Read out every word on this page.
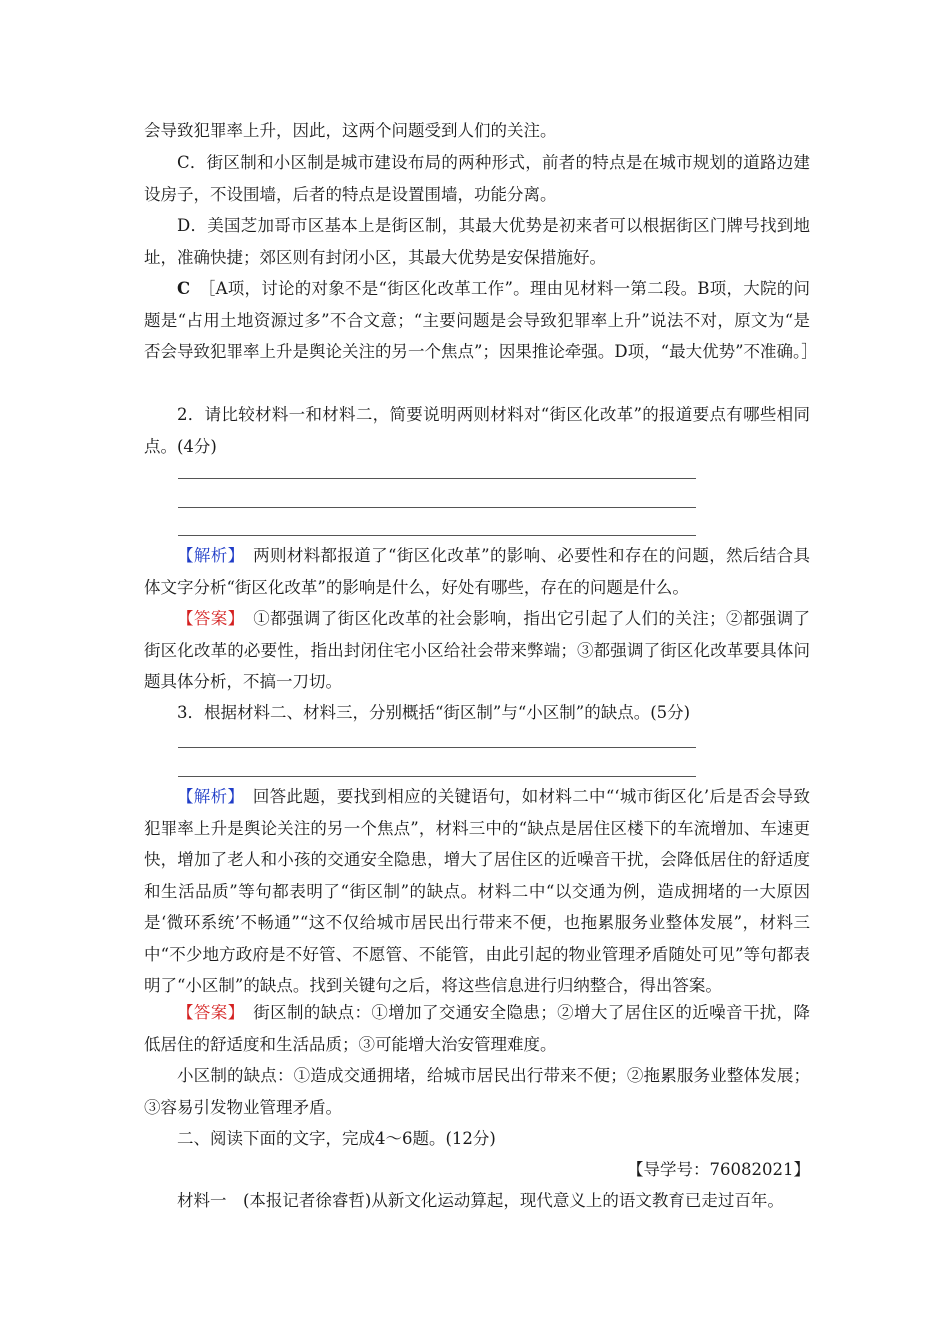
会导致犯罪率上升，因此，这两个问题受到人们的关注。
C．街区制和小区制是城市建设布局的两种形式，前者的特点是在城市规划的道路边建设房子，不设围墙，后者的特点是设置围墙，功能分离。
D．美国芝加哥市区基本上是街区制，其最大优势是初来者可以根据街区门牌号找到地址，准确快捷；郊区则有封闭小区，其最大优势是安保措施好。
C　 ［A项，讨论的对象不是“街区化改革工作”。理由见材料一第二段。B项，大院的问题是“占用土地资源过多”不合文意；“主要问题是会导致犯罪率上升”说法不对，原文为“是否会导致犯罪率上升是舆论关注的另一个焦点”；因果推论牵强。D项，“最大优势”不准确。］
2．请比较材料一和材料二，简要说明两则材料对“街区化改革”的报道要点有哪些相同点。(4分)
【解析】　 两则材料都报道了“街区化改革”的影响、必要性和存在的问题，然后结合具体文字分析“街区化改革”的影响是什么，好处有哪些，存在的问题是什么。
【答案】　 ①都强调了街区化改革的社会影响，指出它引起了人们的关注；②都强调了街区化改革的必要性，指出封闭住宅小区给社会带来弊端；③都强调了街区化改革要具体问题具体分析，不搞一刀切。
3．根据材料二、材料三，分别概括“街区制”与“小区制”的缺点。(5分)
【解析】　 回答此题，要找到相应的关键语句，如材料二中“‘城市街区化’后是否会导致犯罪率上升是舆论关注的另一个焦点”，材料三中的“缺点是居住区楼下的车流增加、车速更快，增加了老人和小孩的交通安全隐患，增大了居住区的近噪音干扰，会降低居住的舒适度和生活品质”等句都表明了“街区制”的缺点。材料二中“以交通为例，造成拥堵的一大原因是‘微环系统’不畅通”“这不仅给城市居民出行带来不便，也拖累服务业整体发展”，材料三中“不少地方政府是不好管、不愿管、不能管，由此引起的物业管理矛盾随处可见”等句都表明了“小区制”的缺点。找到关键句之后，将这些信息进行归纳整合，得出答案。
【答案】　 街区制的缺点：①增加了交通安全隐患；②增大了居住区的近噪音干扰，降低居住的舒适度和生活品质；③可能增大治安管理难度。
小区制的缺点：①造成交通拥堵，给城市居民出行带来不便；②拖累服务业整体发展；③容易引发物业管理矛盾。
二、阅读下面的文字，完成4～6题。(12分)
【导学号：76082021】
材料一　(本报记者徐睿哲)从新文化运动算起，现代意义上的语文教育已走过百年。
